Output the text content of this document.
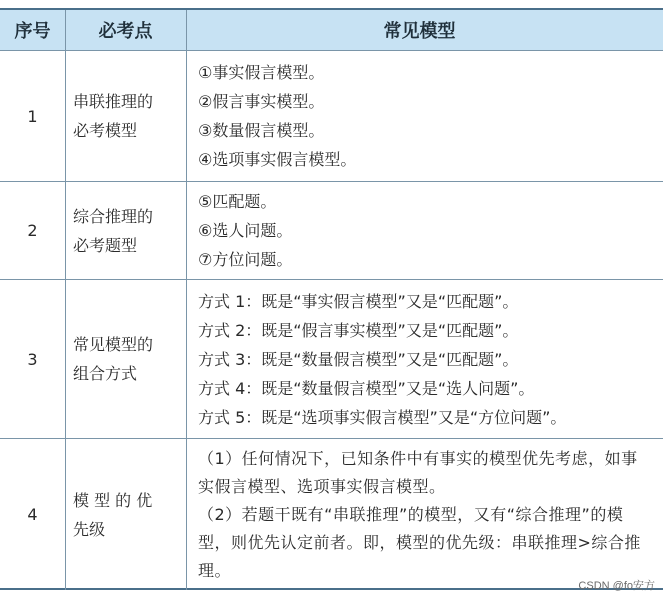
序号	必考点	常见模型
1
串联推理的
必考模型
①事实假言模型。
②假言事实模型。
③数量假言模型。
④选项事实假言模型。
2
综合推理的
必考题型
⑤匹配题。
⑥选人问题。
⑦方位问题。
3
常见模型的
组合方式
方式 1：既是“事实假言模型”又是“匹配题”。
方式 2：既是“假言事实模型”又是“匹配题”。
方式 3：既是“数量假言模型”又是“匹配题”。
方式 4：既是“数量假言模型”又是“选人问题”。
方式 5：既是“选项事实假言模型”又是“方位问题”。
4
模 型 的 优
先级
（1）任何情况下，已知条件中有事实的模型优先考虑，如事实假言模型、选项事实假言模型。
（2）若题干既有“串联推理”的模型，又有“综合推理”的模型，则优先认定前者。即，模型的优先级：串联推理>综合推理。
CSDN @fo安方
